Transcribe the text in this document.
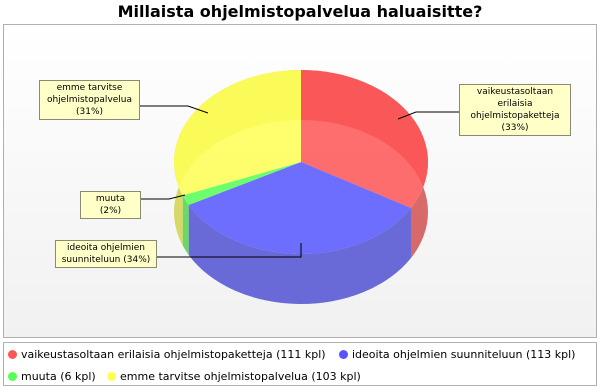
Millaista ohjelmistopalvelua haluaisitte?
vaikeustasoltaan
erilaisia
ohjelmistopaketteja
(33%)
ideoita ohjelmien
suunniteluun (34%)
muuta (2%)
emme tarvitse
ohjelmistopalvelua
(31%)
vaikeustasoltaan erilaisia ohjelmistopaketteja (111 kpl) ideoita ohjelmien suunniteluun (113 kpl)
muuta (6 kpl) emme tarvitse ohjelmistopalvelua (103 kpl)
